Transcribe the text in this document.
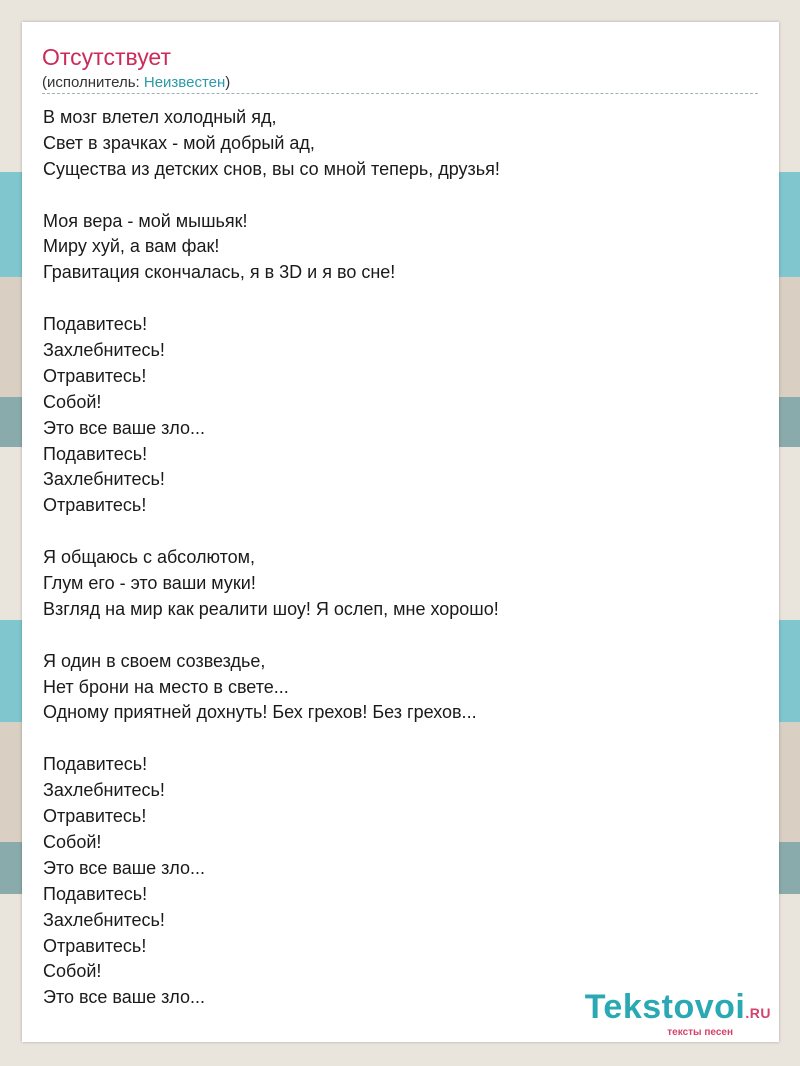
Отсутствует
(исполнитель: Неизвестен)
В мозг влетел холодный яд,
Свет в зрачках - мой добрый ад,
Существа из детских снов, вы со мной теперь, друзья!
Моя вера - мой мышьяк!
Миру хуй, а вам фак!
Гравитация скончалась, я в 3D и я во сне!
Подавитесь!
Захлебнитесь!
Отравитесь!
Собой!
Это все ваше зло...
Подавитесь!
Захлебнитесь!
Отравитесь!
Я общаюсь с абсолютом,
Глум его - это ваши муки!
Взгляд на мир как реалити шоу! Я ослеп, мне хорошо!
Я один в своем созвездье,
Нет брони на место в свете...
Одному приятней дохнуть! Бех грехов! Без грехов...
Подавитесь!
Захлебнитесь!
Отравитесь!
Собой!
Это все ваше зло...
Подавитесь!
Захлебнитесь!
Отравитесь!
Собой!
Это все ваше зло...	Tekstovoi.RU
тексты песен
